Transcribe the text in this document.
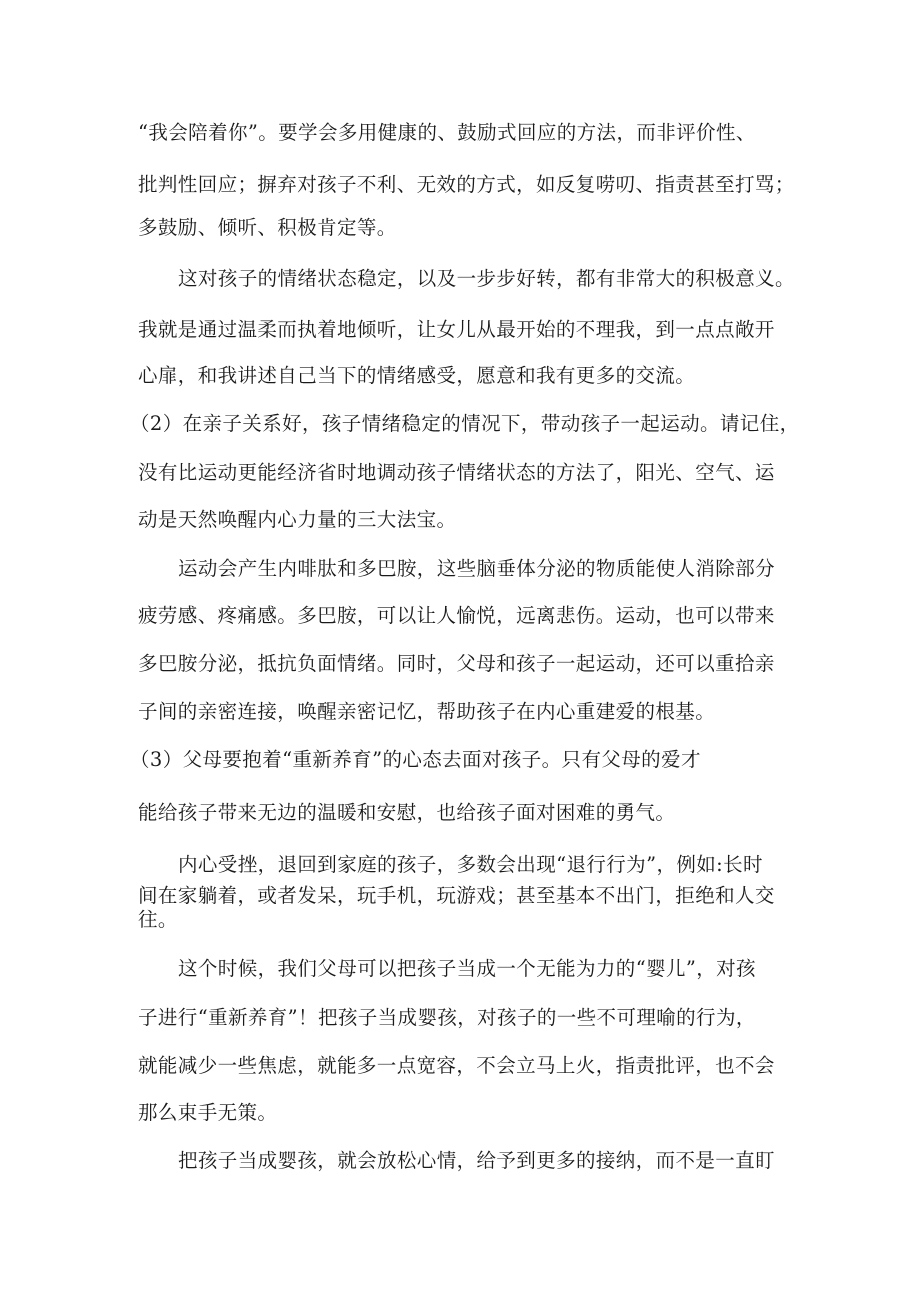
“我会陪着你”。要学会多用健康的、鼓励式回应的方法，而非评价性、
批判性回应；摒弃对孩子不利、无效的方式，如反复唠叨、指责甚至打骂；
多鼓励、倾听、积极肯定等。
这对孩子的情绪状态稳定，以及一步步好转，都有非常大的积极意义。
我就是通过温柔而执着地倾听，让女儿从最开始的不理我，到一点点敞开
心扉，和我讲述自己当下的情绪感受，愿意和我有更多的交流。
（2）在亲子关系好，孩子情绪稳定的情况下，带动孩子一起运动。请记住，
没有比运动更能经济省时地调动孩子情绪状态的方法了，阳光、空气、运
动是天然唤醒内心力量的三大法宝。
运动会产生内啡肽和多巴胺，这些脑垂体分泌的物质能使人消除部分
疲劳感、疼痛感。多巴胺，可以让人愉悦，远离悲伤。运动，也可以带来
多巴胺分泌，抵抗负面情绪。同时，父母和孩子一起运动，还可以重拾亲
子间的亲密连接，唤醒亲密记忆，帮助孩子在内心重建爱的根基。
（3）父母要抱着“重新养育”的心态去面对孩子。只有父母的爱才
能给孩子带来无边的温暖和安慰，也给孩子面对困难的勇气。
内心受挫，退回到家庭的孩子，多数会出现“退行行为”，例如:长时
间在家躺着，或者发呆，玩手机，玩游戏；甚至基本不出门，拒绝和人交
往。
这个时候，我们父母可以把孩子当成一个无能为力的“婴儿”，对孩
子进行“重新养育”！把孩子当成婴孩，对孩子的一些不可理喻的行为，
就能减少一些焦虑，就能多一点宽容，不会立马上火，指责批评，也不会
那么束手无策。
把孩子当成婴孩，就会放松心情，给予到更多的接纳，而不是一直盯
